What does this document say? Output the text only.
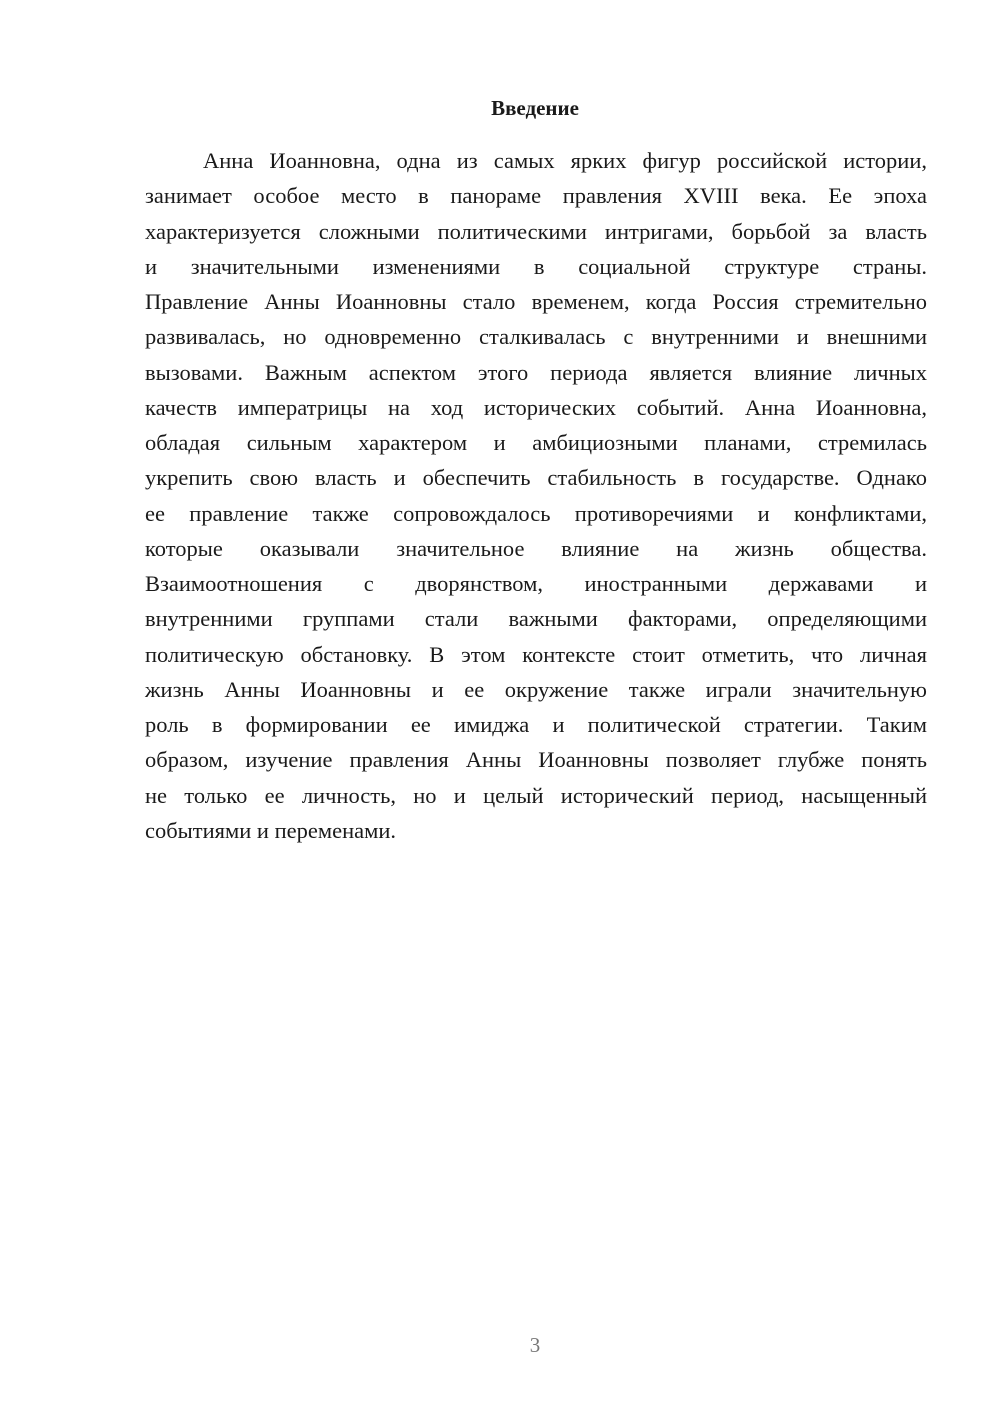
Введение
Анна Иоанновна, одна из самых ярких фигур российской истории,
занимает особое место в панораме правления XVIII века. Ее эпоха
характеризуется сложными политическими интригами, борьбой за власть
и значительными изменениями в социальной структуре страны.
Правление Анны Иоанновны стало временем, когда Россия стремительно
развивалась, но одновременно сталкивалась с внутренними и внешними
вызовами. Важным аспектом этого периода является влияние личных
качеств императрицы на ход исторических событий. Анна Иоанновна,
обладая сильным характером и амбициозными планами, стремилась
укрепить свою власть и обеспечить стабильность в государстве. Однако
ее правление также сопровождалось противоречиями и конфликтами,
которые оказывали значительное влияние на жизнь общества.
Взаимоотношения с дворянством, иностранными державами и
внутренними группами стали важными факторами, определяющими
политическую обстановку. В этом контексте стоит отметить, что личная
жизнь Анны Иоанновны и ее окружение также играли значительную
роль в формировании ее имиджа и политической стратегии. Таким
образом, изучение правления Анны Иоанновны позволяет глубже понять
не только ее личность, но и целый исторический период, насыщенный
событиями и переменами.
3
